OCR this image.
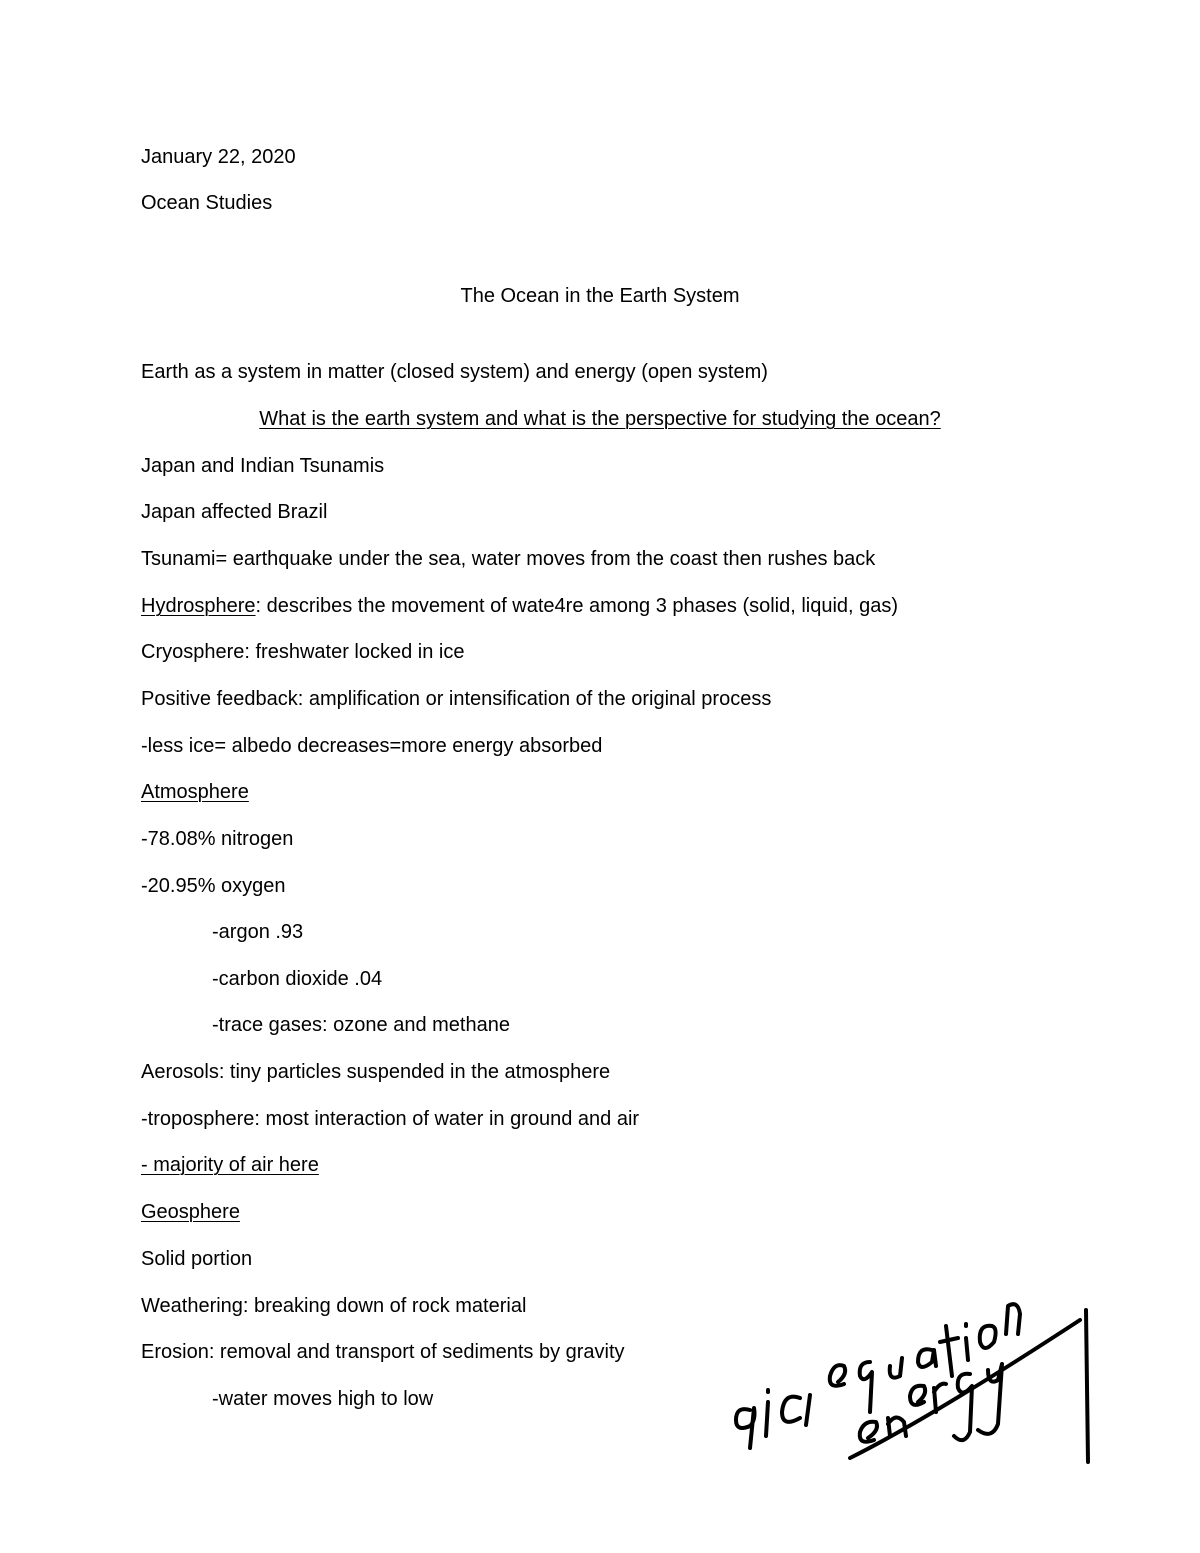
January 22, 2020
Ocean Studies
The Ocean in the Earth System
Earth as a system in matter (closed system) and energy (open system)
What is the earth system and what is the perspective for studying the ocean?
Japan and Indian Tsunamis
Japan affected Brazil
Tsunami= earthquake under the sea, water moves from the coast then rushes back
Hydrosphere: describes the movement of wate4re among 3 phases (solid, liquid, gas)
Cryosphere: freshwater locked in ice
Positive feedback: amplification or intensification of the original process
-less ice= albedo decreases=more energy absorbed
Atmosphere
-78.08% nitrogen
-20.95% oxygen
-argon .93
-carbon dioxide .04
-trace gases: ozone and methane
Aerosols: tiny particles suspended in the atmosphere
-troposphere: most interaction of water in ground and air
- majority of air here
Geosphere
Solid portion
Weathering: breaking down of rock material
Erosion: removal and transport of sediments by gravity
-water moves high to low
